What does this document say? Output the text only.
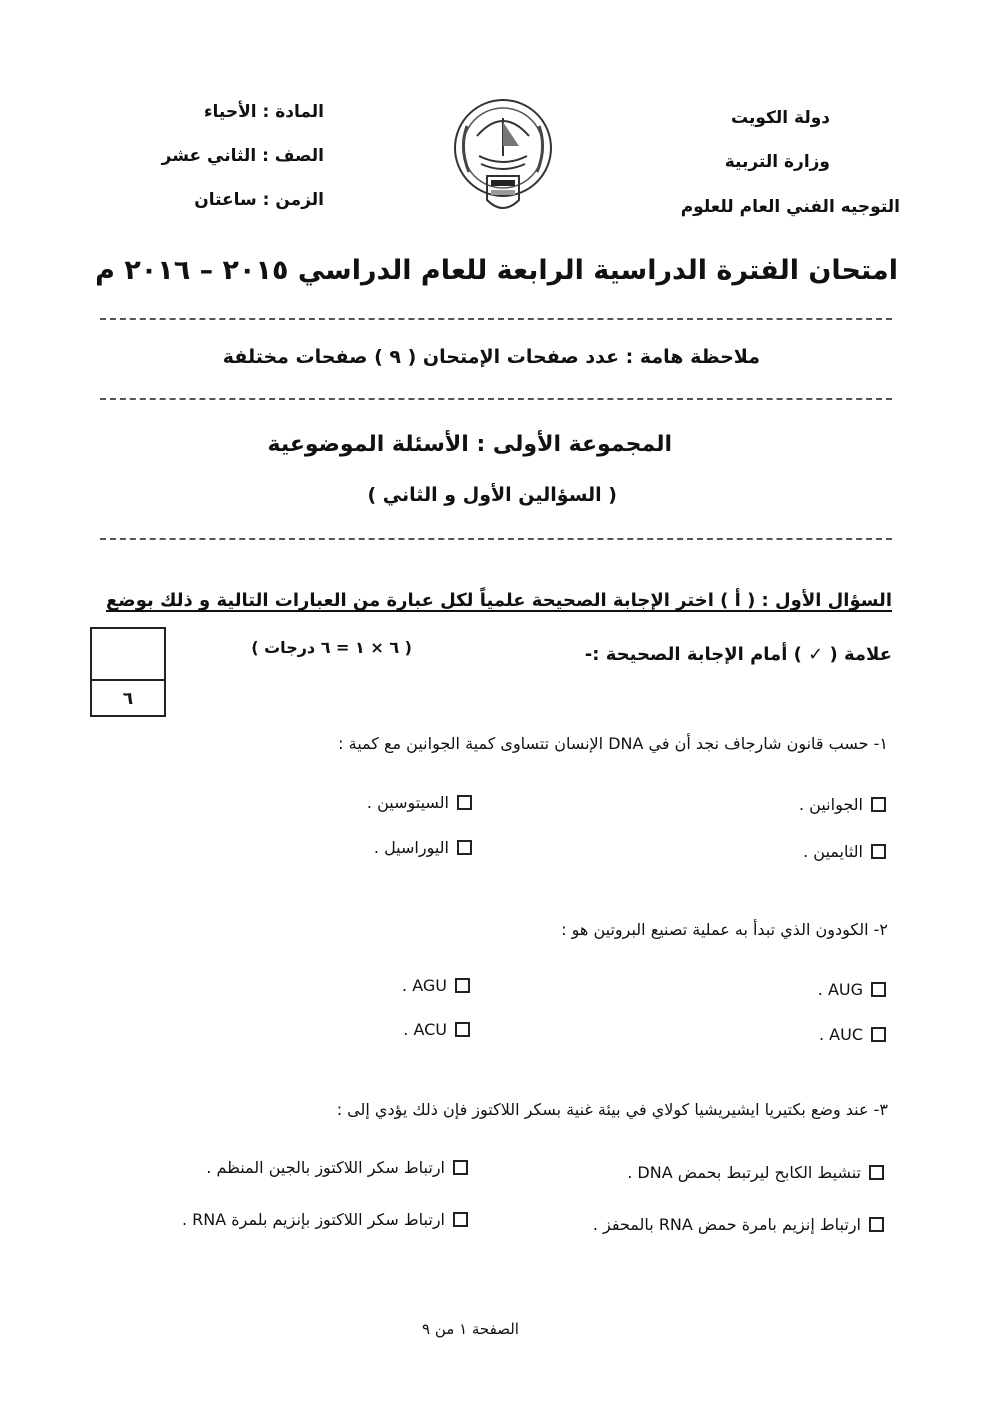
دولة الكويت
وزارة التربية
التوجيه الفني العام للعلوم
المادة : الأحياء
الصف : الثاني عشر
الزمن : ساعتان
امتحان الفترة الدراسية الرابعة للعام الدراسي ٢٠١٥ – ٢٠١٦ م
ملاحظة هامة : عدد صفحات الإمتحان ( ٩ ) صفحات مختلفة
المجموعة الأولى : الأسئلة الموضوعية
( السؤالين الأول و الثاني )
السؤال الأول : ( أ ) اختر الإجابة الصحيحة علمياً لكل عبارة من العبارات التالية و ذلك بوضع
علامة ( ✓ ) أمام الإجابة الصحيحة :-
( ٦ × ١ = ٦ درجات )
٦
١- حسب قانون شارجاف نجد أن في DNA الإنسان تتساوى كمية الجوانين مع كمية :
الجوانين .
السيتوسين .
الثايمين .
اليوراسيل .
٢- الكودون الذي تبدأ به عملية تصنيع البروتين هو :
AUG .
AGU .
AUC .
ACU .
٣- عند وضع بكتيريا ايشيريشيا كولاي في بيئة غنية بسكر اللاكتوز فإن ذلك يؤدي إلى :
تنشيط الكابح ليرتبط بحمض DNA .
ارتباط سكر اللاكتوز بالجين المنظم .
ارتباط إنزيم بامرة حمض RNA بالمحفز .
ارتباط سكر اللاكتوز بإنزيم بلمرة RNA .
الصفحة ١ من ٩
